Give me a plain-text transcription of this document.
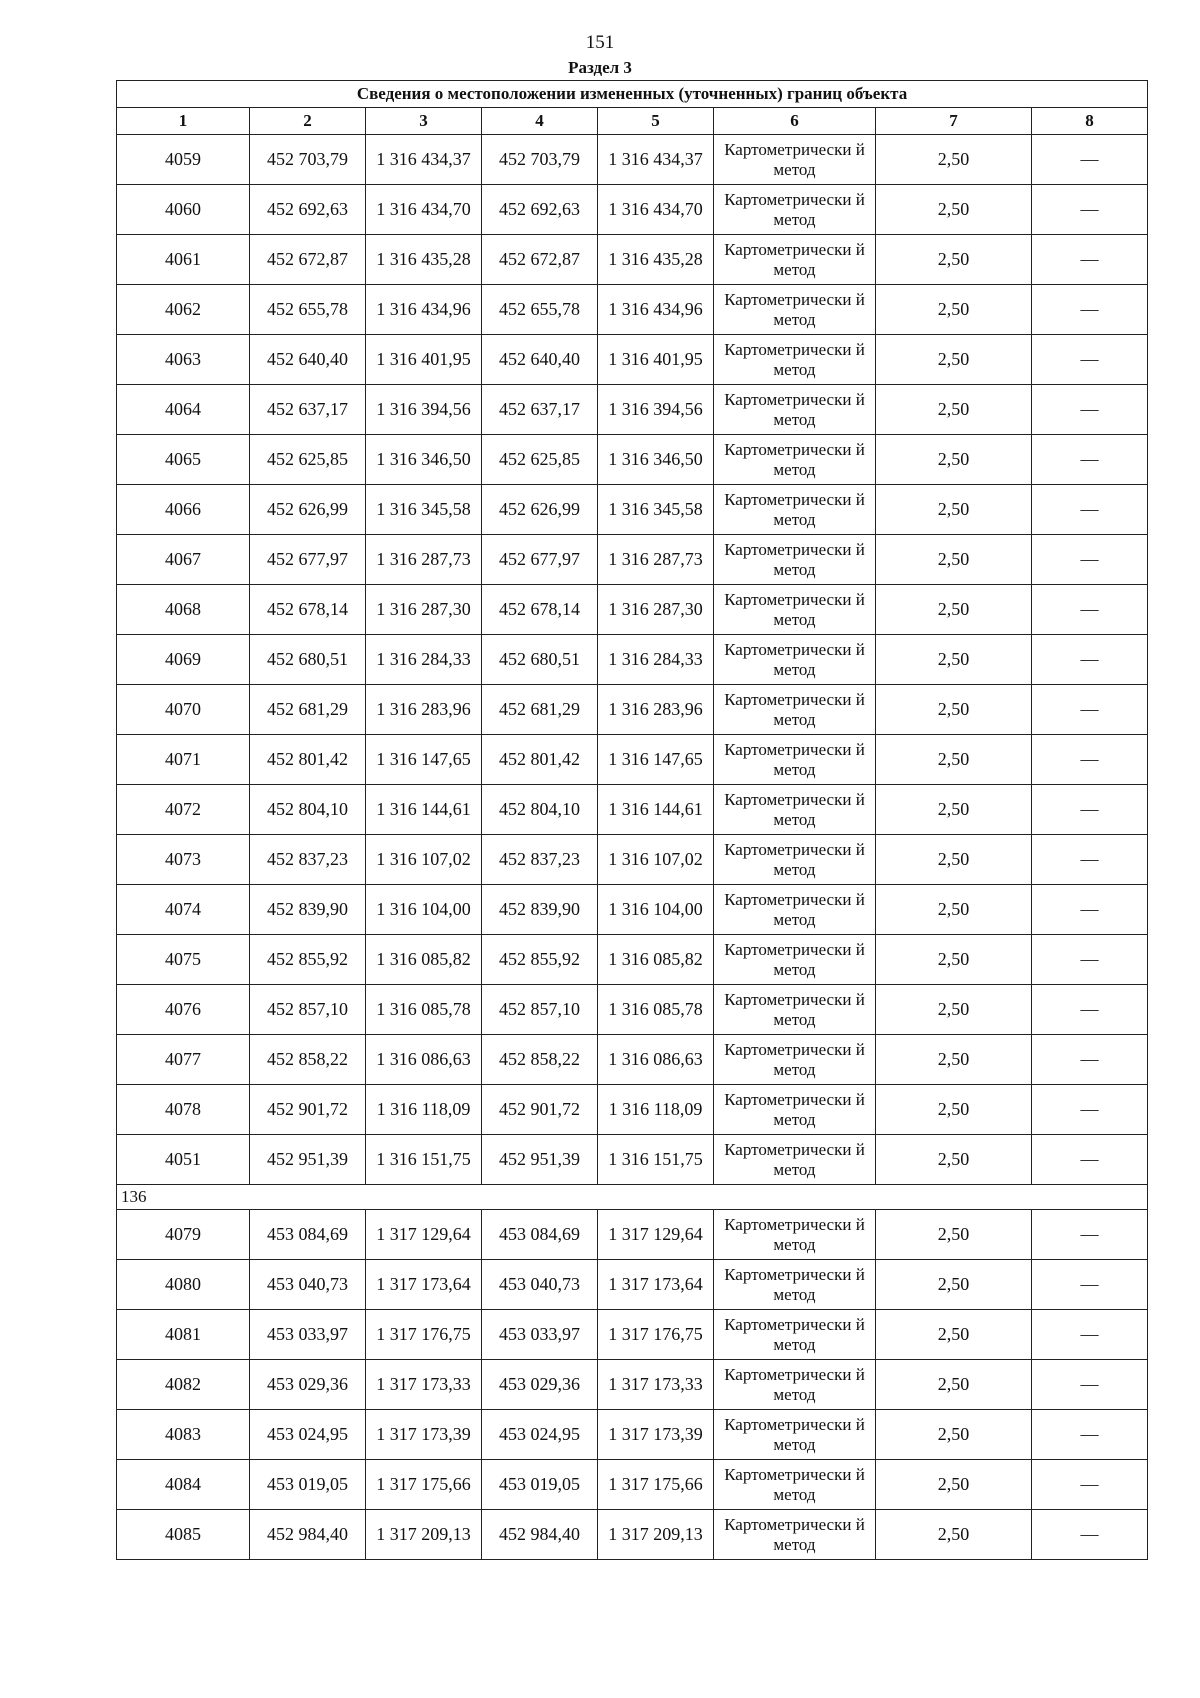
151
Раздел 3
Сведения о местоположении измененных (уточненных) границ объекта							
1	2	3	4	5	6	7	8
4059	452 703,79	1 316 434,37	452 703,79	1 316 434,37	Картометрически й метод	2,50	—
4060	452 692,63	1 316 434,70	452 692,63	1 316 434,70	Картометрически й метод	2,50	—
4061	452 672,87	1 316 435,28	452 672,87	1 316 435,28	Картометрически й метод	2,50	—
4062	452 655,78	1 316 434,96	452 655,78	1 316 434,96	Картометрически й метод	2,50	—
4063	452 640,40	1 316 401,95	452 640,40	1 316 401,95	Картометрически й метод	2,50	—
4064	452 637,17	1 316 394,56	452 637,17	1 316 394,56	Картометрически й метод	2,50	—
4065	452 625,85	1 316 346,50	452 625,85	1 316 346,50	Картометрически й метод	2,50	—
4066	452 626,99	1 316 345,58	452 626,99	1 316 345,58	Картометрически й метод	2,50	—
4067	452 677,97	1 316 287,73	452 677,97	1 316 287,73	Картометрически й метод	2,50	—
4068	452 678,14	1 316 287,30	452 678,14	1 316 287,30	Картометрически й метод	2,50	—
4069	452 680,51	1 316 284,33	452 680,51	1 316 284,33	Картометрически й метод	2,50	—
4070	452 681,29	1 316 283,96	452 681,29	1 316 283,96	Картометрически й метод	2,50	—
4071	452 801,42	1 316 147,65	452 801,42	1 316 147,65	Картометрически й метод	2,50	—
4072	452 804,10	1 316 144,61	452 804,10	1 316 144,61	Картометрически й метод	2,50	—
4073	452 837,23	1 316 107,02	452 837,23	1 316 107,02	Картометрически й метод	2,50	—
4074	452 839,90	1 316 104,00	452 839,90	1 316 104,00	Картометрически й метод	2,50	—
4075	452 855,92	1 316 085,82	452 855,92	1 316 085,82	Картометрически й метод	2,50	—
4076	452 857,10	1 316 085,78	452 857,10	1 316 085,78	Картометрически й метод	2,50	—
4077	452 858,22	1 316 086,63	452 858,22	1 316 086,63	Картометрически й метод	2,50	—
4078	452 901,72	1 316 118,09	452 901,72	1 316 118,09	Картометрически й метод	2,50	—
4051	452 951,39	1 316 151,75	452 951,39	1 316 151,75	Картометрически й метод	2,50	—
136							
4079	453 084,69	1 317 129,64	453 084,69	1 317 129,64	Картометрически й метод	2,50	—
4080	453 040,73	1 317 173,64	453 040,73	1 317 173,64	Картометрически й метод	2,50	—
4081	453 033,97	1 317 176,75	453 033,97	1 317 176,75	Картометрически й метод	2,50	—
4082	453 029,36	1 317 173,33	453 029,36	1 317 173,33	Картометрически й метод	2,50	—
4083	453 024,95	1 317 173,39	453 024,95	1 317 173,39	Картометрически й метод	2,50	—
4084	453 019,05	1 317 175,66	453 019,05	1 317 175,66	Картометрически й метод	2,50	—
4085	452 984,40	1 317 209,13	452 984,40	1 317 209,13	Картометрически й метод	2,50	—
